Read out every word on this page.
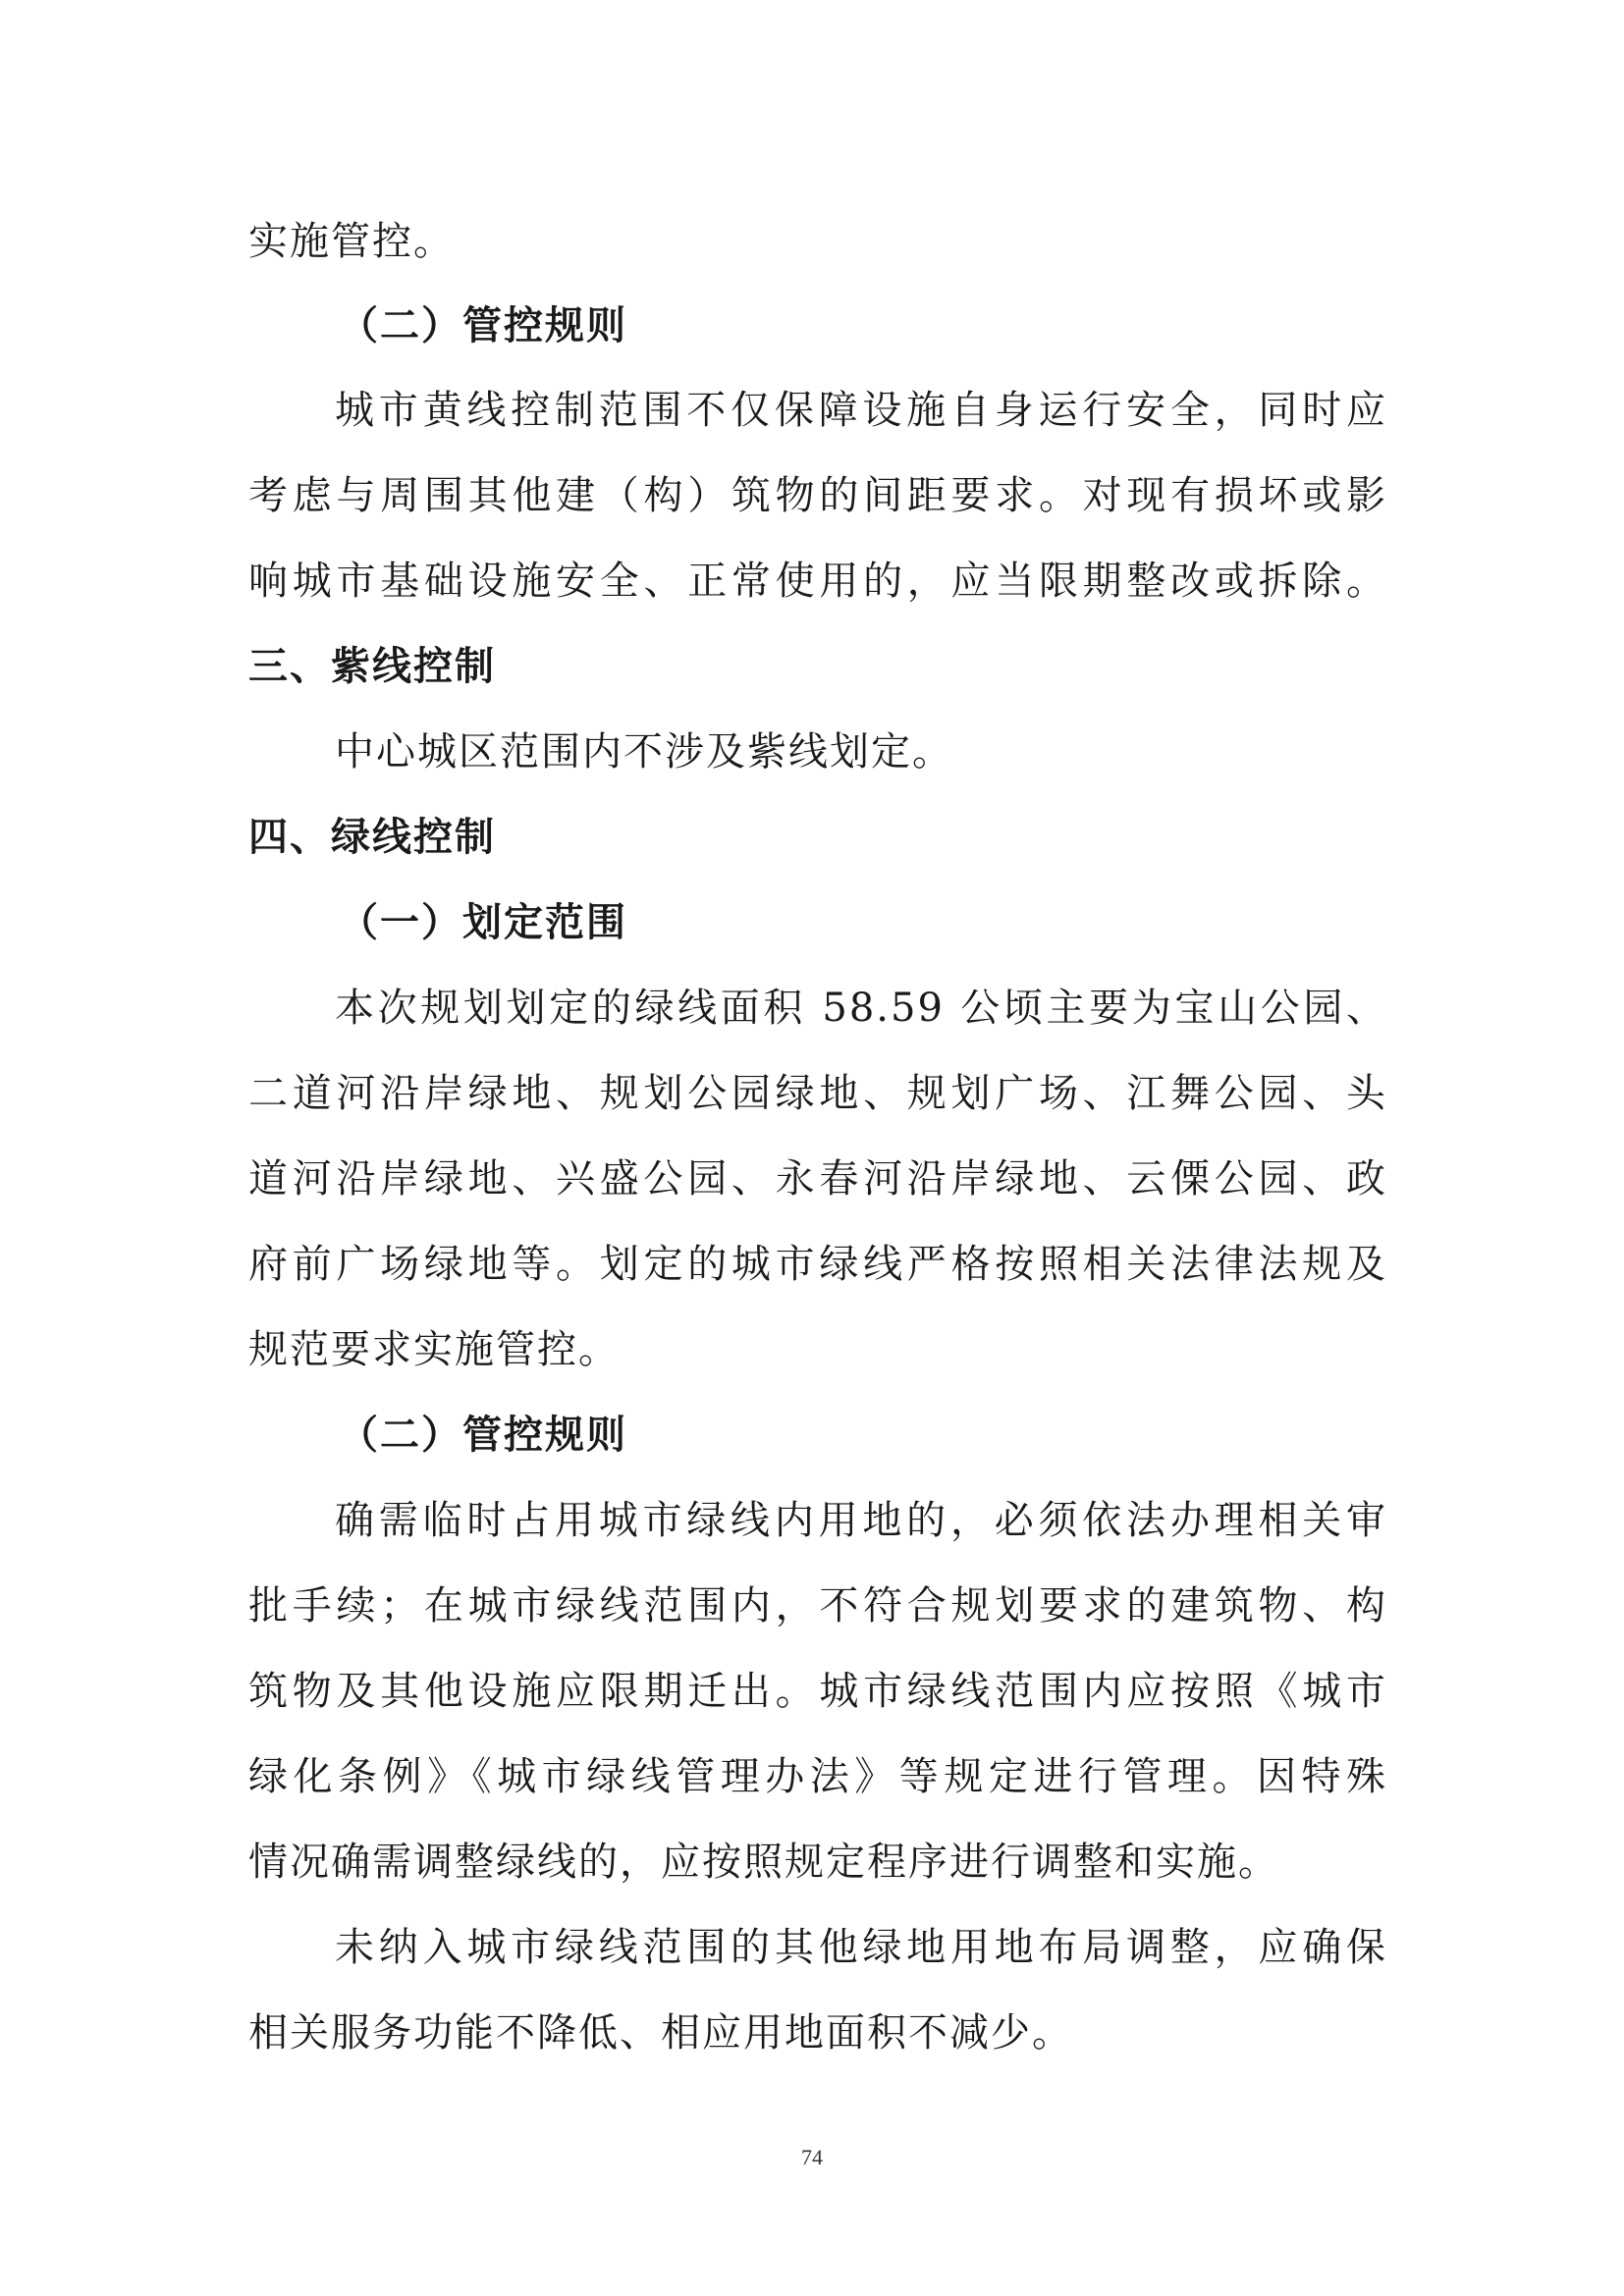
实施管控。
（二）管控规则
城市黄线控制范围不仅保障设施自身运行安全，同时应
考虑与周围其他建（构）筑物的间距要求。对现有损坏或影
响城市基础设施安全、正常使用的，应当限期整改或拆除。
三、紫线控制
中心城区范围内不涉及紫线划定。
四、绿线控制
（一）划定范围
本次规划划定的绿线面积 58.59 公顷主要为宝山公园、
二道河沿岸绿地、规划公园绿地、规划广场、江舞公园、头
道河沿岸绿地、兴盛公园、永春河沿岸绿地、云傈公园、政
府前广场绿地等。划定的城市绿线严格按照相关法律法规及
规范要求实施管控。
（二）管控规则
确需临时占用城市绿线内用地的，必须依法办理相关审
批手续；在城市绿线范围内，不符合规划要求的建筑物、构
筑物及其他设施应限期迁出。城市绿线范围内应按照《城市
绿化条例》《城市绿线管理办法》等规定进行管理。因特殊
情况确需调整绿线的，应按照规定程序进行调整和实施。
未纳入城市绿线范围的其他绿地用地布局调整，应确保
相关服务功能不降低、相应用地面积不减少。
74
